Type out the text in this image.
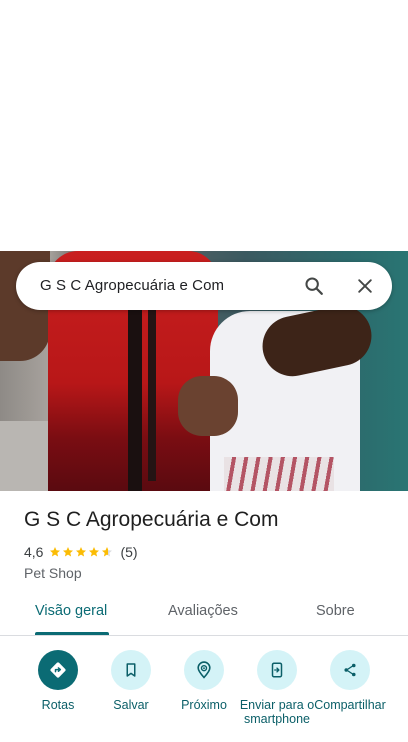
G S C Agropecuária e Com
G S C Agropecuária e Com
4,6	(5)
Pet Shop
Visão geral	Avaliações	Sobre
Rotas	Salvar	Próximo	Enviar para o smartphone
Compartilhar
